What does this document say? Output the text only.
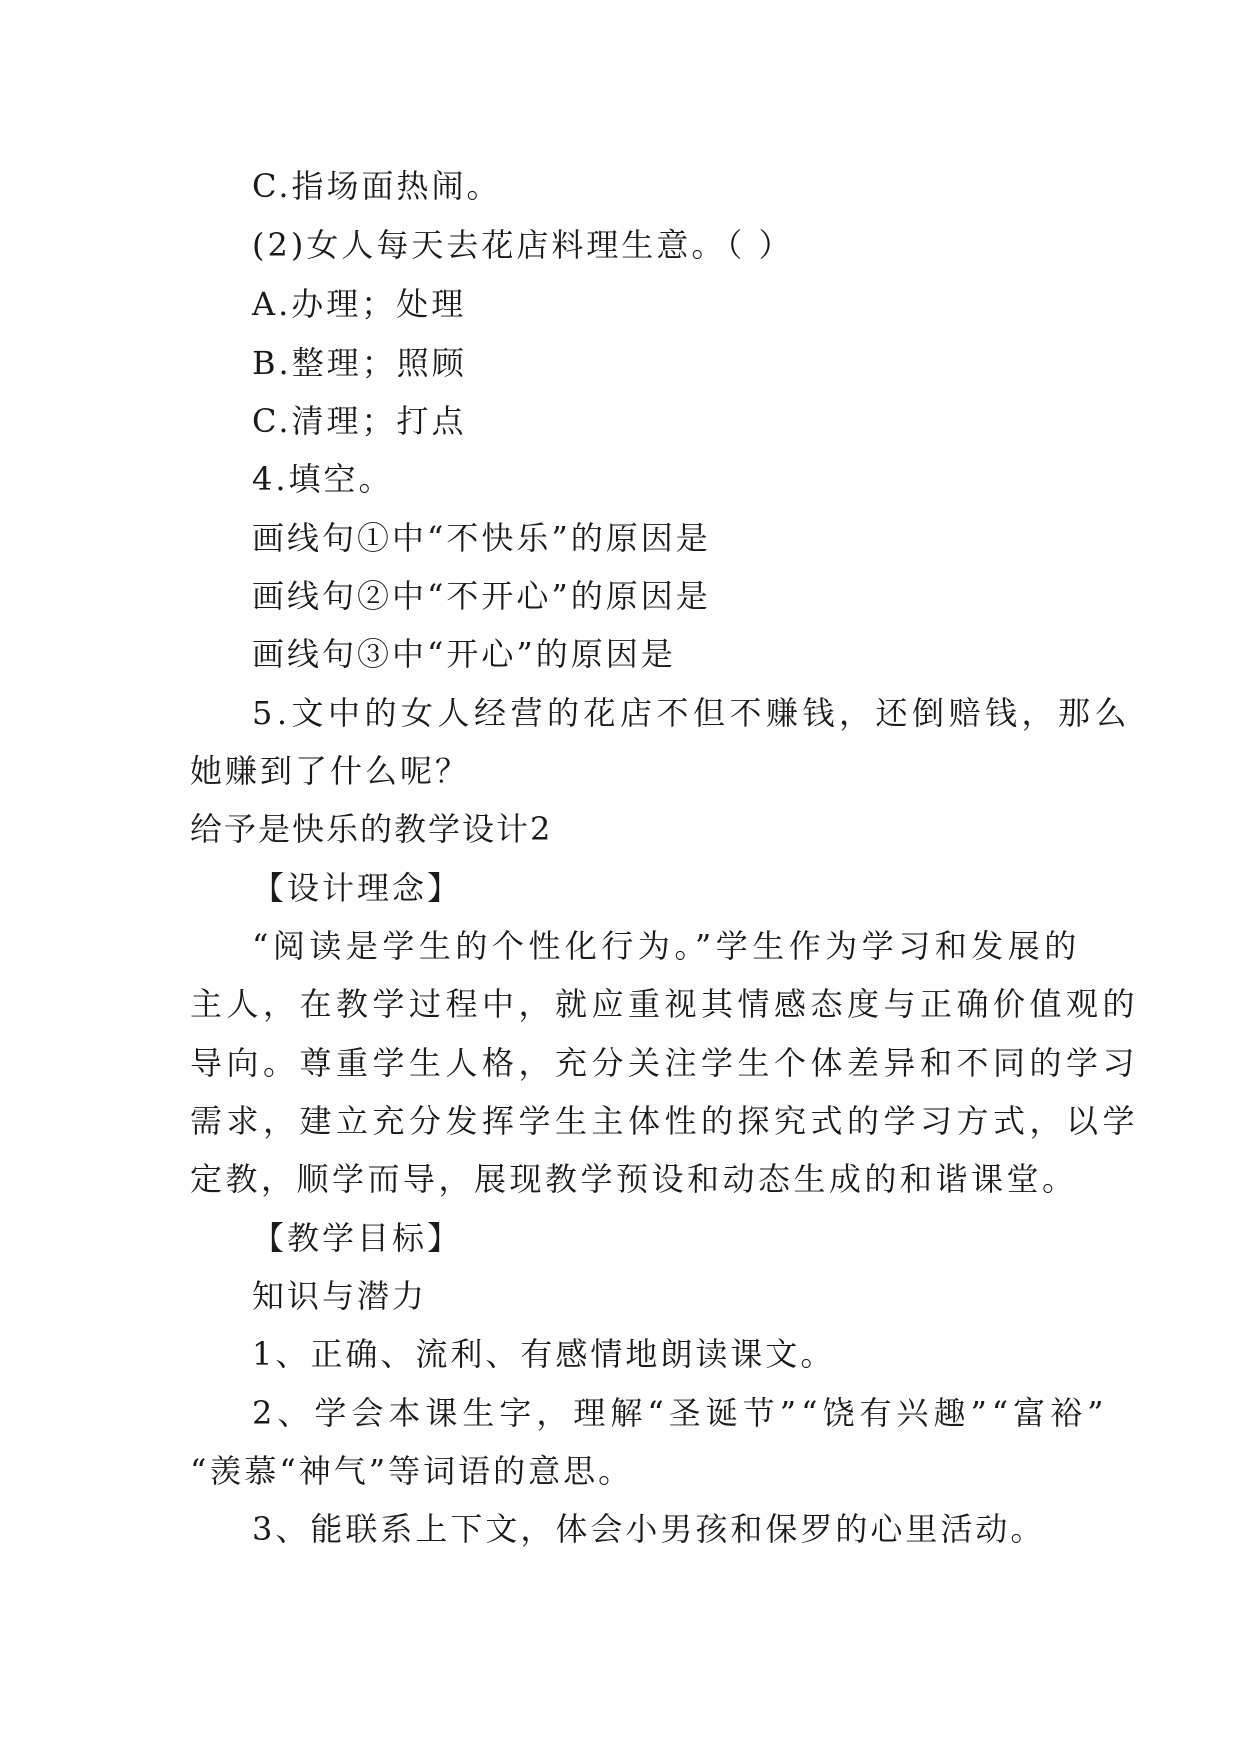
C.指场面热闹。
(2)女人每天去花店料理生意。（ ）
A.办理；处理
B.整理；照顾
C.清理；打点
4.填空。
画线句①中“不快乐”的原因是
画线句②中“不开心”的原因是
画线句③中“开心”的原因是
5.文中的女人经营的花店不但不赚钱，还倒赔钱，那么
她赚到了什么呢？
给予是快乐的教学设计2
【设计理念】
“阅读是学生的个性化行为。”学生作为学习和发展的
主人，在教学过程中，就应重视其情感态度与正确价值观的
导向。尊重学生人格，充分关注学生个体差异和不同的学习
需求，建立充分发挥学生主体性的探究式的学习方式，以学
定教，顺学而导，展现教学预设和动态生成的和谐课堂。
【教学目标】
知识与潜力
1、正确、流利、有感情地朗读课文。
2、学会本课生字，理解“圣诞节”“饶有兴趣”“富裕”
“羡慕“神气”等词语的意思。
3、能联系上下文，体会小男孩和保罗的心里活动。
